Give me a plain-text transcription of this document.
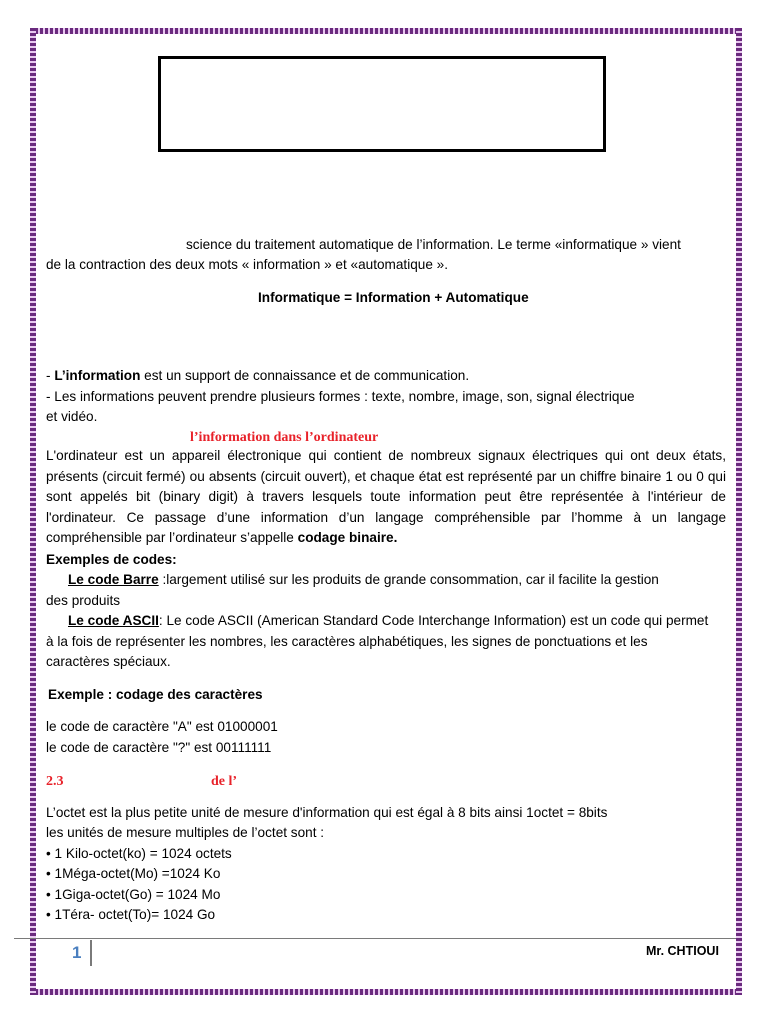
science du traitement automatique de l’information. Le terme «informatique » vient
de la contraction des deux mots « information » et «automatique ».
Informatique = Information + Automatique
- L’information est un support de connaissance et de communication.
- Les informations peuvent prendre plusieurs formes : texte, nombre, image, son, signal électrique
et vidéo.
l’information dans l’ordinateur
L'ordinateur est un appareil électronique qui contient de nombreux signaux électriques qui ont deux états, présents (circuit fermé) ou absents (circuit ouvert), et chaque état est représenté par un chiffre binaire 1 ou 0 qui sont appelés bit (binary digit) à travers lesquels toute information peut être représentée à l'intérieur de l'ordinateur. Ce passage d’une information d’un langage compréhensible par l’homme à un langage compréhensible par l’ordinateur s’appelle codage binaire.
Exemples de codes:
Le code Barre :largement utilisé sur les produits de grande consommation, car il facilite la gestion
des produits
Le code ASCII: Le code ASCII (American Standard Code Interchange Information) est un code qui permet
à la fois de représenter les nombres, les caractères alphabétiques, les signes de ponctuations et les
caractères spéciaux.
Exemple : codage des caractères
le code de caractère "A" est 01000001
le code de caractère "?" est 00111111
2.3	de l’
L’octet est la plus petite unité de mesure d'information qui est égal à 8 bits ainsi 1octet = 8bits
les unités de mesure multiples de l’octet sont :
• 1 Kilo-octet(ko) = 1024 octets
• 1Méga-octet(Mo) =1024 Ko
• 1Giga-octet(Go) = 1024 Mo
• 1Téra- octet(To)= 1024 Go
1	Mr. CHTIOUI
